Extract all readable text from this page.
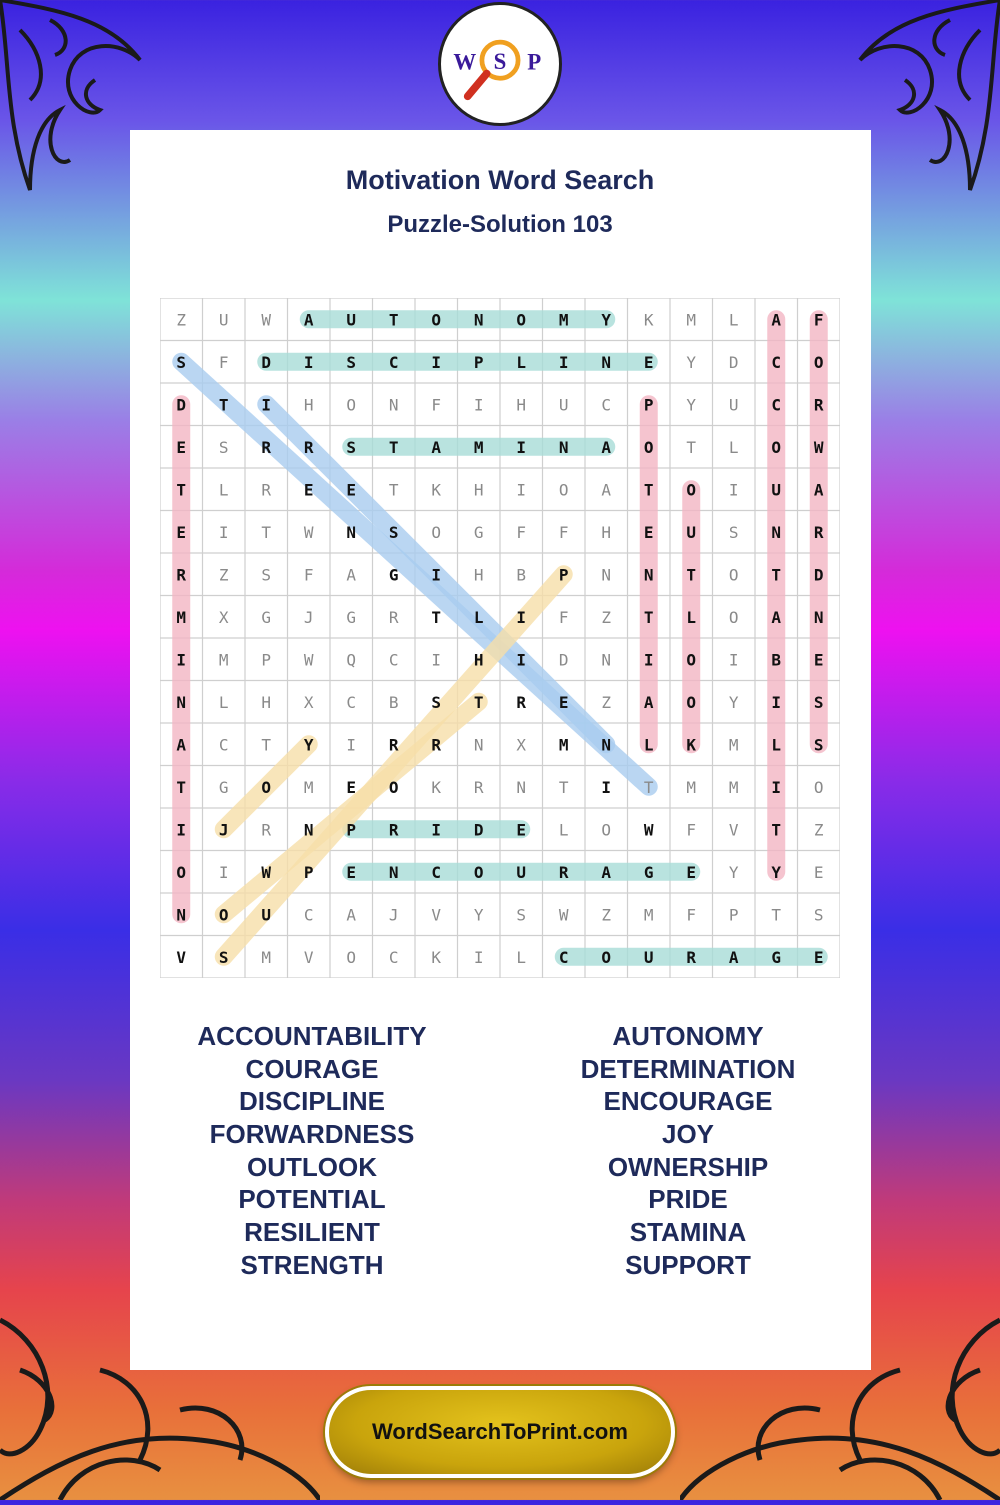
W S P
Motivation Word Search
Puzzle-Solution 103
Z U W A U T O N O M Y K M L A F
S F D I S C I P L I N E Y D C O
D T I H O N F I H U C P Y U C R
E S R R S T A M I N A O T L O W
T L R E E T K H I O A T O I U A
E I T W N S O G F F H E U S N R
R Z S F A G I H B P N N T O T D
M X G J G R T L I F Z T L O A N
I M P W Q C I H I D N I O I B E
N L H X C B S T R E Z A O Y I S
A C T Y I R R N X M N L K M L S
T G O M E O K R N T I T M M I O
I J R N P R I D E L O W F V T Z
O I W P E N C O U R A G E Y Y E
N O U C A J V Y S W Z M F P T S
V S M V O C K I L C O U R A G E
ACCOUNTABILITY
COURAGE
DISCIPLINE
FORWARDNESS
OUTLOOK
POTENTIAL
RESILIENT
STRENGTH
AUTONOMY
DETERMINATION
ENCOURAGE
JOY
OWNERSHIP
PRIDE
STAMINA
SUPPORT
WordSearchToPrint.com
